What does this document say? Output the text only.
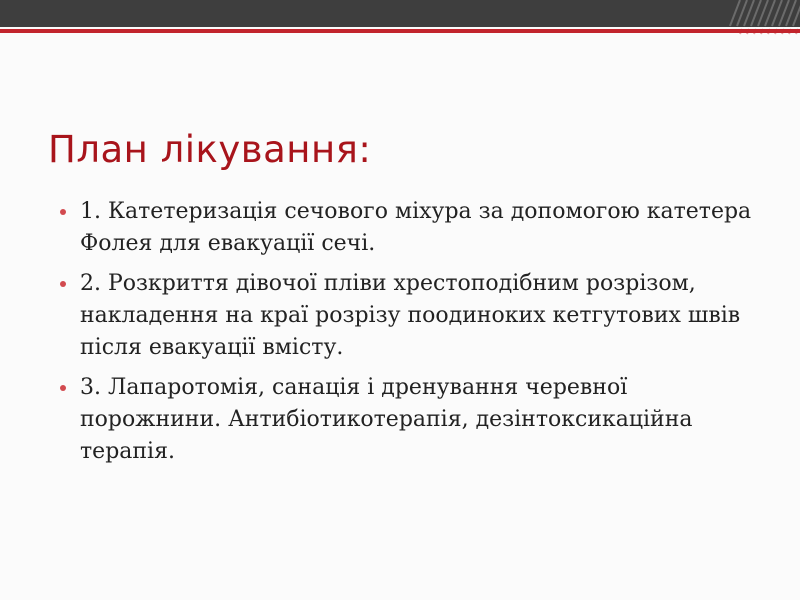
План лікування:
1. Катетеризація сечового міхура за допомогою катетера Фолея для евакуації сечі.
2. Розкриття дівочої пліви хрестоподібним розрізом, накладення на краї розрізу поодиноких кетгутових швів після евакуації вмісту.
3. Лапаротомія, санація і дренування черевної порожнини. Антибіотикотерапія, дезінтоксикаційна терапія.
